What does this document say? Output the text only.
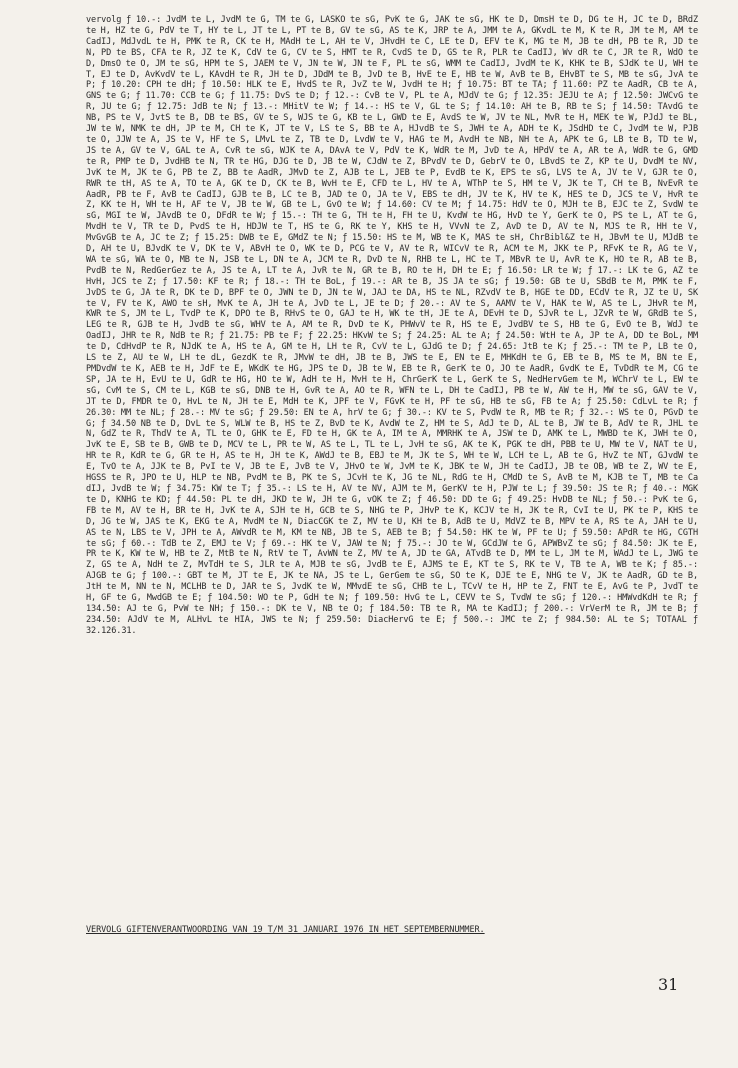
vervolg ƒ 10.-: JvdM te L, JvdM te G, TM te G, LASKO te sG, PvK te G, JAK te sG, HK te D, DmsH te D, DG te H, JC te D, BRdZ te H, HZ te G, PdV te T, HY te L, JT te L, PT te B, GV te sG, AS te K, JRP te A, JMM te A, GKvdL te M, K te R, JM te M, AM te CadIJ, MdJvdL te H, PMK te R, CK te H, MAdH te L, AH te V, JHvdH te C, LE te D, EFV te K, MG te M, JB te dH, PB te R, JD te N, PD te BS, CFA te R, JZ te K, CdV te G, CV te S, HMT te R, CvdS te D, GS te R, PLR te CadIJ, Wv dR te C, JR te R, WdO te D, DmsO te O, JM te sG, HPM te S, JAEM te V, JN te W, JN te F, PL te sG, WMM te CadIJ, JvdM te K, KHK te B, SJdK te U, WH te T, EJ te D, AvKvdV te L, KAvdH te R, JH te D, JDdM te B, JvD te B, HvE te E, HB te W, AvB te B, EHvBT te S, MB te sG, JvA te P; ƒ 10.20: CPH te dH; ƒ 10.50: HLK te E, HvdS te R, JvZ te W, JvdH te H; ƒ 10.75: BT te TA; ƒ 11.60: PZ te AadR, CB te A, GNS te G; ƒ 11.70: CCB te G; ƒ 11.75: DvS te D; ƒ 12.-: CvB te V, PL te A, MJdV te G; ƒ 12.35: JEJU te A; ƒ 12.50: JWCvG te R, JU te G; ƒ 12.75: JdB te N; ƒ 13.-: MHitV te W; ƒ 14.-: HS te V, GL te S; ƒ 14.10: AH te B, RB te S; ƒ 14.50: TAvdG te NB, PS te V, JvtS te B, DB te BS, GV te S, WJS te G, KB te L, GWD te E, AvdS te W, JV te NL, MvR te H, MEK te W, PJdJ te BL, JW te W, NMK te dH, JP te M, CH te K, JT te V, LS te S, BB te A, HJvdB te S, JWH te A, ADH te K, JSdHD te C, JvdM te W, PJB te O, JJW te A, JS te V, HF te S, LMvL te Z, TB te D, LvdW te V, HAG te M, AvdH te NB, NH te A, APK te G, LB te B, TD te W, JS te A, GV te V, GAL te A, CvR te sG, WJK te A, DAvA te V, PdV te K, WdR te M, JvD te A, HPdV te A, AR te A, WdR te G, GMD te R, PMP te D, JvdHB te N, TR te HG, DJG te D, JB te W, CJdW te Z, BPvdV te D, GebrV te O, LBvdS te Z, KP te U, DvdM te NV, JvK te M, JK te G, PB te Z, BB te AadR, JMvD te Z, AJB te L, JEB te P, EvdB te K, EPS te sG, LVS te A, JV te V, GJR te O, RWR te tH, AS te A, TO te A, GK te D, CK te B, WvH te E, CFD te L, HV te A, WThP te S, HM te V, JK te T, CH te B, NvEvR te AadR, PB te F, AvB te CadIJ, GJB te B, LC te B, JAD te O, JA te V, EBS te dH, JV te K, HV te K, HES te D, JCS te V, HvR te Z, KK te H, WH te H, AF te V, JB te W, GB te L, GvO te W; ƒ 14.60: CV te M; ƒ 14.75: HdV te O, MJH te B, EJC te Z, SvdW te sG, MGI te W, JAvdB te O, DFdR te W; ƒ 15.-: TH te G, TH te H, FH te U, KvdW te HG, HvD te Y, GerK te O, PS te L, AT te G, MvdH te V, TR te D, PvdS te H, HDJW te T, HS te G, RK te Y, KHS te H, VVvN te Z, AvD te D, AV te N, MJS te R, HH te V, MvGvGB te A, JC te Z; ƒ 15.25: DWB te E, GMdZ te N; ƒ 15.50: HS te M, WB te K, MAS te sH, ChrBibl&Z te H, JBvM te U, MJdB te D, AH te U, BJvdK te V, DK te V, ABvH te O, WK te D, PCG te V, AV te R, WICvV te R, ACM te M, JKK te P, RFvK te R, AG te V, WA te sG, WA te O, MB te N, JSB te L, DN te A, JCM te R, DvD te N, RHB te L, HC te T, MBvR te U, AvR te K, HO te R, AB te B, PvdB te N, RedGerGez te A, JS te A, LT te A, JvR te N, GR te B, RO te H, DH te E; ƒ 16.50: LR te W; ƒ 17.-: LK te G, AZ te HvH, JCS te Z; ƒ 17.50: KF te R; ƒ 18.-: TH te BoL, ƒ 19.-: AR te B, JS JA te sG; ƒ 19.50: GB te U, SBdB te M, PMK te F, JvDS te G, JA te R, DK te D, BPF te O, JWN te D, JN te W, JAJ te DA, HS te NL, RZvdV te B, HGE te DD, ECdV te R, JZ te U, SK te V, FV te K, AWO te sH, MvK te A, JH te A, JvD te L, JE te D; ƒ 20.-: AV te S, AAMV te V, HAK te W, AS te L, JHvR te M, KWR te S, JM te L, TvdP te K, DPO te B, RHvS te O, GAJ te H, WK te tH, JE te A, DEvH te D, SJvR te L, JZvR te W, GRdB te S, LEG te R, GJB te H, JvdB te sG, WHV te A, AM te R, DvD te K, PHWvV te R, HS te E, JvdBV te S, HB te G, EvO te B, WdJ te OadIJ, JHR te R, NdB te R; ƒ 21.75: PB te F; ƒ 22.25: HKvW te S; ƒ 24.25: AL te A; ƒ 24.50: WtH te A, JP te A, DD te BoL, MM te D, CdHvdP te R, NJdK te A, HS te A, GM te H, LH te R, CvV te L, GJdG te D; ƒ 24.65: JtB te K; ƒ 25.-: TM te P, LB te O, LS te Z, AU te W, LH te dL, GezdK te R, JMvW te dH, JB te B, JWS te E, EN te E, MHKdH te G, EB te B, MS te M, BN te E, PMDvdW te K, AEB te H, JdF te E, WKdK te HG, JPS te D, JB te W, EB te R, GerK te O, JO te AadR, GvdK te E, TvDdR te M, CG te SP, JA te H, EvU te U, GdR te HG, HO te W, AdH te H, MvH te H, ChrGerK te L, GerK te S, NedHervGem te M, WChrV te L, EW te sG, CvM te S, CM te L, KGB te sG, DNB te H, GvR te A, AO te R, WFN te L, DH te CadIJ, PB te W, AW te H, MW te sG, GAV te V, JT te D, FMDR te O, HvL te N, JH te E, MdH te K, JPF te V, FGvK te H, PF te sG, HB te sG, FB te A; ƒ 25.50: CdLvL te R; ƒ 26.30: MM te NL; ƒ 28.-: MV te sG; ƒ 29.50: EN te A, hrV te G; ƒ 30.-: KV te S, PvdW te R, MB te R; ƒ 32.-: WS te O, PGvD te G; ƒ 34.50 NB te D, DvL te S, WLW te B, HS te Z, BvD te K, AvdW te Z, HM te S, AdJ te D, AL te B, JW te B, AdV te R, JHL te N, GdZ te R, ThdV te A, TL te O, GHK te E, FD te H, GK te A, IM te A, MMRHK te A, JSW te D, AMK te L, MWBD te K, JWH te O, JvK te E, SB te B, GWB te D, MCV te L, PR te W, AS te L, TL te L, JvH te sG, AK te K, PGK te dH, PBB te U, MW te V, NAT te U, HR te R, KdR te G, GR te H, AS te H, JH te K, AWdJ te B, EBJ te M, JK te S, WH te W, LCH te L, AB te G, HvZ te NT, GJvdW te E, TvO te A, JJK te B, PvI te V, JB te E, JvB te V, JHvO te W, JvM te K, JBK te W, JH te CadIJ, JB te OB, WB te Z, WV te E, HGSS te R, JPO te U, HLP te NB, PvdM te B, PK te S, JCvH te K, JG te NL, RdG te H, CMdD te S, AvB te M, KJB te T, MB te Ca dIJ, JvdB te W; ƒ 34.75: KW te T; ƒ 35.-: LS te H, AV te NV, AJM te M, GerKV te H, PJW te L; ƒ 39.50: JS te R; ƒ 40.-: MGK te D, KNHG te KD; ƒ 44.50: PL te dH, JKD te W, JH te G, vOK te Z; ƒ 46.50: DD te G; ƒ 49.25: HvDB te NL; ƒ 50.-: PvK te G, FB te M, AV te H, BR te H, JvK te A, SJH te H, GCB te S, NHG te P, JHvP te K, KCJV te H, JK te R, CvI te U, PK te P, KHS te D, JG te W, JAS te K, EKG te A, MvdM te N, DiacCGK te Z, MV te U, KH te B, AdB te U, MdVZ te B, MPV te A, RS te A, JAH te U, AS te N, LBS te V, JPH te A, AWvdR te M, KM te NB, JB te S, AEB te B; ƒ 54.50: HK te W, PF te U; ƒ 59.50: APdR te HG, CGTH te sG; ƒ 60.-: TdB te Z, EMJ te V; ƒ 69.-: HK te V, JAW te N; ƒ 75.-: JO te W, GCdJW te G, APWBvZ te sG; ƒ 84.50: JK te E, PR te K, KW te W, HB te Z, MtB te N, RtV te T, AvWN te Z, MV te A, JD te GA, ATvdB te D, MM te L, JM te M, WAdJ te L, JWG te Z, GS te A, NdH te Z, MvTdH te S, JLR te A, MJB te sG, JvdB te E, AJMS te E, KT te S, RK te V, TB te A, WB te K; ƒ 85.-: AJGB te G; ƒ 100.-: GBT te M, JT te E, JK te NA, JS te L, GerGem te sG, SO te K, DJE te E, NHG te V, JK te AadR, GD te B, JtH te M, NN te N, MCLHB te D, JAR te S, JvdK te W, MMvdE te sG, CHB te L, TCvV te H, HP te Z, FNT te E, AvG te P, JvdT te H, GF te G, MwdGB te E; ƒ 104.50: WO te P, GdH te N; ƒ 109.50: HvG te L, CEVV te S, TvdW te sG; ƒ 120.-: HMWvdKdH te R; ƒ 134.50: AJ te G, PvW te NH; ƒ 150.-: DK te V, NB te O; ƒ 184.50: TB te R, MA te KadIJ; ƒ 200.-: VrVerM te R, JM te B; ƒ 234.50: AJdV te M, ALHvL te HIA, JWS te N; ƒ 259.50: DiacHervG te E; ƒ 500.-: JMC te Z; ƒ 984.50: AL te S; TOTAAL ƒ 32.126.31.
VERVOLG GIFTENVERANTWOORDING VAN 19 T/M 31 JANUARI 1976 IN HET SEPTEMBERNUMMER.
31
